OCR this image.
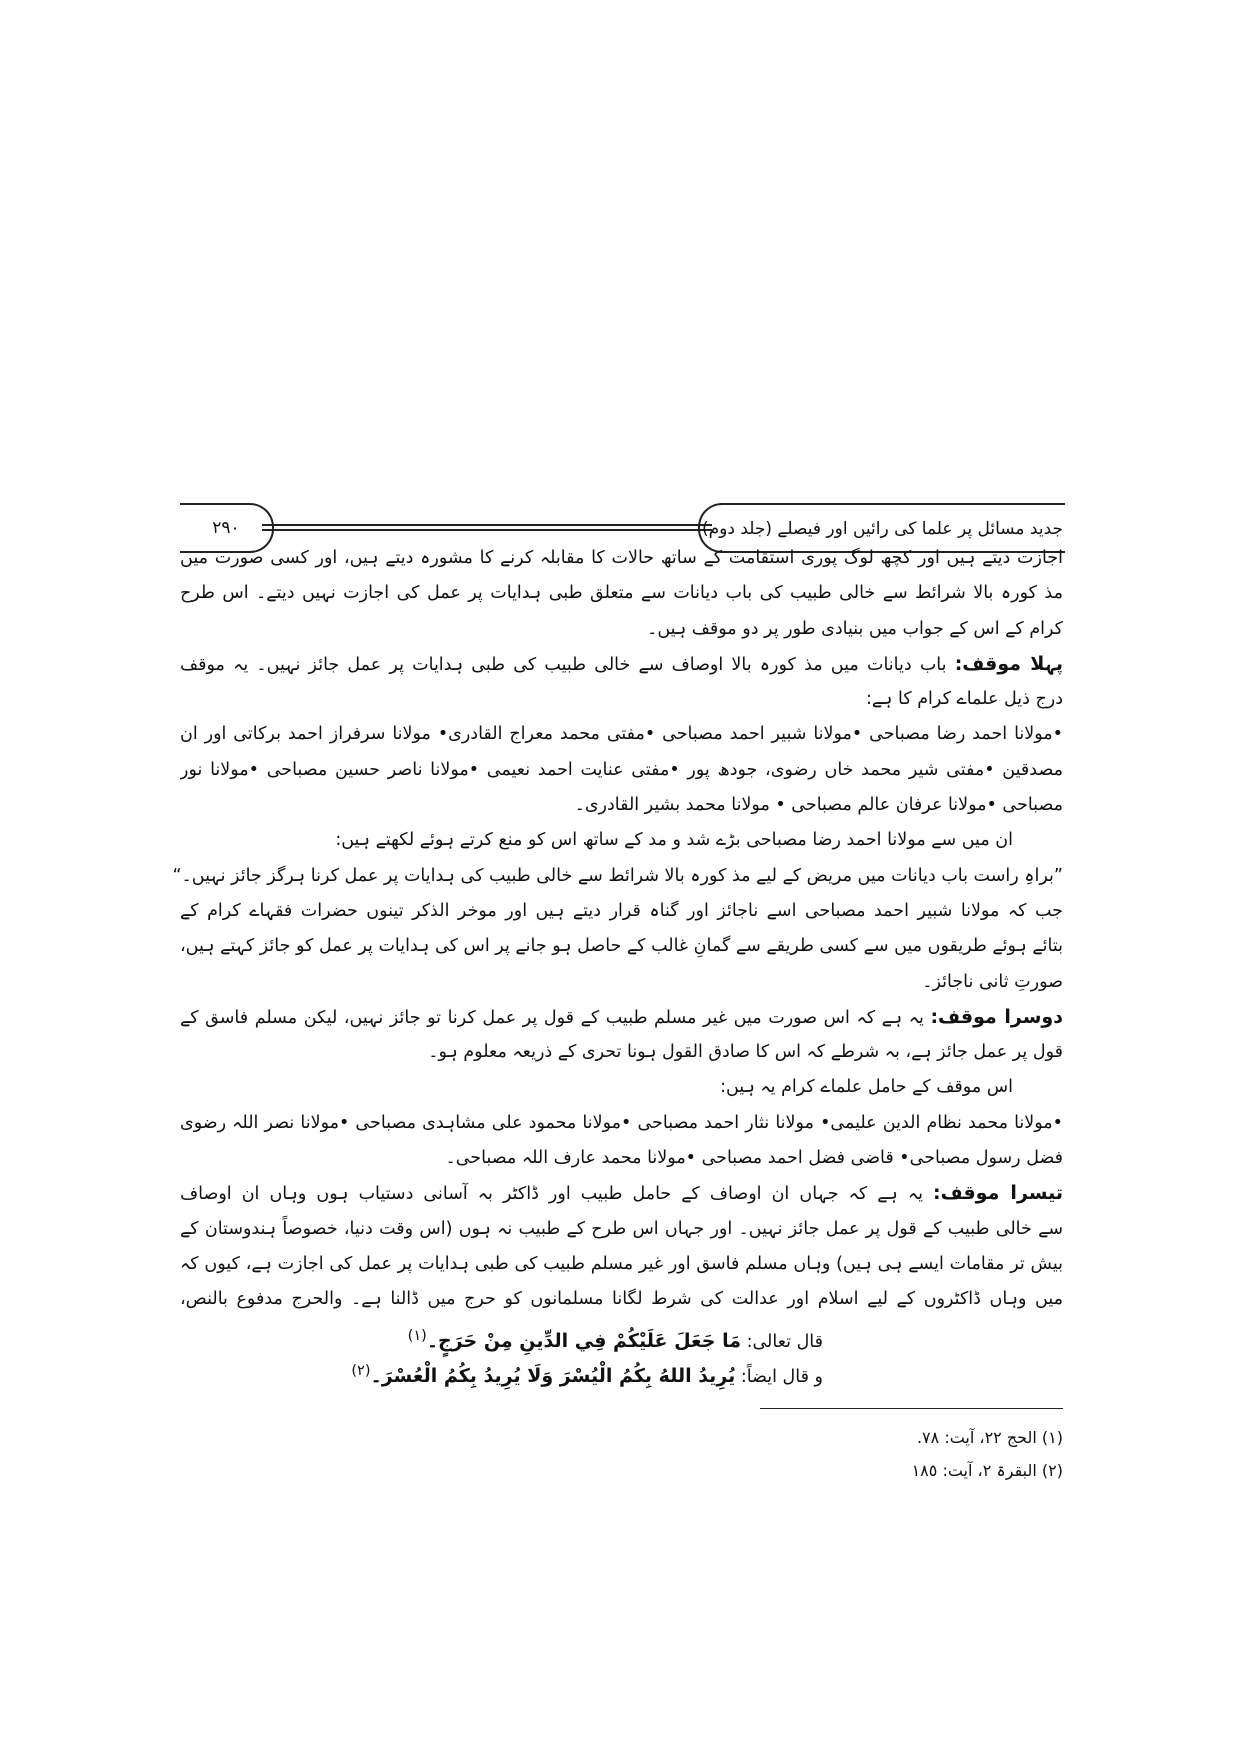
٢٩٠	جدید مسائل پر علما کی رائیں اور فیصلے (جلد دوم)
اجازت دیتے ہیں اور کچھ لوگ پوری استقامت کے ساتھ حالات کا مقابلہ کرنے کا مشورہ دیتے ہیں، اور کسی صورت میں
مذ کورہ بالا شرائط سے خالی طبیب کی باب دیانات سے متعلق طبی ہدایات پر عمل کی اجازت نہیں دیتے۔ اس طرح
کرام کے اس کے جواب میں بنیادی طور پر دو موقف ہیں۔
پہلا موقف: باب دیانات میں مذ کورہ بالا اوصاف سے خالی طبیب کی طبی ہدایات پر عمل جائز نہیں۔ یہ موقف
درج ذیل علماے کرام کا ہے:
•مولانا احمد رضا مصباحی •مولانا شبیر احمد مصباحی •مفتی محمد معراج القادری• مولانا سرفراز احمد برکاتی اور ان
مصدقین •مفتی شیر محمد خاں رضوی، جودھ پور •مفتی عنایت احمد نعیمی •مولانا ناصر حسین مصباحی •مولانا نور
مصباحی •مولانا عرفان عالم مصباحی • مولانا محمد بشیر القادری۔
ان میں سے مولانا احمد رضا مصباحی بڑے شد و مد کے ساتھ اس کو منع کرتے ہوئے لکھتے ہیں:
”براہِ راست باب دیانات میں مریض کے لیے مذ کورہ بالا شرائط سے خالی طبیب کی ہدایات پر عمل کرنا ہرگز جائز نہیں۔“
جب کہ مولانا شبیر احمد مصباحی اسے ناجائز اور گناہ قرار دیتے ہیں اور موخر الذکر تینوں حضرات فقہاے کرام کے
بتائے ہوئے طریقوں میں سے کسی طریقے سے گمانِ غالب کے حاصل ہو جانے پر اس کی ہدایات پر عمل کو جائز کہتے ہیں،
صورتِ ثانی ناجائز۔
دوسرا موقف: یہ ہے کہ اس صورت میں غیر مسلم طبیب کے قول پر عمل کرنا تو جائز نہیں، لیکن مسلم فاسق کے
قول پر عمل جائز ہے، بہ شرطے کہ اس کا صادق القول ہونا تحری کے ذریعہ معلوم ہو۔
اس موقف کے حامل علماے کرام یہ ہیں:
•مولانا محمد نظام الدین علیمی• مولانا نثار احمد مصباحی •مولانا محمود علی مشاہدی مصباحی •مولانا نصر اللہ رضوی
فضل رسول مصباحی• قاضی فضل احمد مصباحی •مولانا محمد عارف اللہ مصباحی۔
تیسرا موقف: یہ ہے کہ جہاں ان اوصاف کے حامل طبیب اور ڈاکٹر بہ آسانی دستیاب ہوں وہاں ان اوصاف
سے خالی طبیب کے قول پر عمل جائز نہیں۔ اور جہاں اس طرح کے طبیب نہ ہوں (اس وقت دنیا، خصوصاً ہندوستان کے
بیش تر مقامات ایسے ہی ہیں) وہاں مسلم فاسق اور غیر مسلم طبیب کی طبی ہدایات پر عمل کی اجازت ہے، کیوں کہ
میں وہاں ڈاکٹروں کے لیے اسلام اور عدالت کی شرط لگانا مسلمانوں کو حرج میں ڈالنا ہے۔ والحرج مدفوع بالنص،
قال تعالی: مَا جَعَلَ عَلَيْكُمْ فِي الدِّينِ مِنْ حَرَجٍ۔$^{(١)}$
و قال ایضاً: يُرِيدُ اللهُ بِكُمُ الْيُسْرَ وَلَا يُرِيدُ بِكُمُ الْعُسْرَ۔$^{(٢)}$
(١) الحج ٢٢، آیت: ٧٨.
(٢) البقرۃ ٢، آیت: ١٨٥
